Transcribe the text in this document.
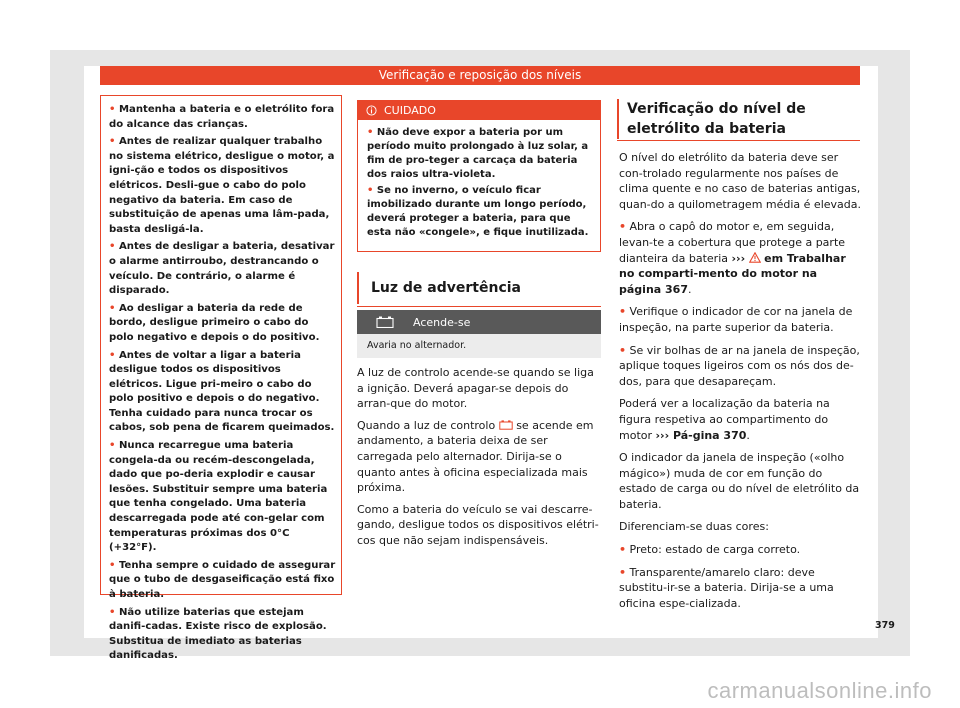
Verificação e reposição dos níveis

• Mantenha a bateria e o eletrólito fora do alcance das crianças.

• Antes de realizar qualquer trabalho no sistema elétrico, desligue o motor, a igni-ção e todos os dispositivos elétricos. Desli-gue o cabo do polo negativo da bateria. Em caso de substituição de apenas uma lâm-pada, basta desligá-la.

• Antes de desligar a bateria, desativar o alarme antirroubo, destrancando o veículo. De contrário, o alarme é disparado.

• Ao desligar a bateria da rede de bordo, desligue primeiro o cabo do polo negativo e depois o do positivo.

• Antes de voltar a ligar a bateria desligue todos os dispositivos elétricos. Ligue pri-meiro o cabo do polo positivo e depois o do negativo. Tenha cuidado para nunca trocar os cabos, sob pena de ficarem queimados.

• Nunca recarregue uma bateria congela-da ou recém-descongelada, dado que po-deria explodir e causar lesões. Substituir sempre uma bateria que tenha congelado. Uma bateria descarregada pode até con-gelar com temperaturas próximas dos 0°C (+32°F).

• Tenha sempre o cuidado de assegurar que o tubo de desgaseificação está fixo à bateria.

• Não utilize baterias que estejam danifi-cadas. Existe risco de explosão. Substitua de imediato as baterias danificadas.

CUIDADO

• Não deve expor a bateria por um período muito prolongado à luz solar, a fim de pro-teger a carcaça da bateria dos raios ultra-violeta.

• Se no inverno, o veículo ficar imobilizado durante um longo período, deverá proteger a bateria, para que esta não «congele», e fique inutilizada.

Luz de advertência
Acende-se
Avaria no alternador.

A luz de controlo acende-se quando se liga a ignição. Deverá apagar-se depois do arran-que do motor.

Quando a luz de controlo se acende em andamento, a bateria deixa de ser carregada pelo alternador. Dirija-se o quanto antes à oficina especializada mais próxima.

Como a bateria do veículo se vai descarre-gando, desligue todos os dispositivos elétri-cos que não sejam indispensáveis.

Verificação do nível de eletrólito da bateria

O nível do eletrólito da bateria deve ser con-trolado regularmente nos países de clima quente e no caso de baterias antigas, quan-do a quilometragem média é elevada.

• Abra o capô do motor e, em seguida, levan-te a cobertura que protege a parte dianteira da bateria ››› em Trabalhar no comparti-mento do motor na página 367.

• Verifique o indicador de cor na janela de inspeção, na parte superior da bateria.

• Se vir bolhas de ar na janela de inspeção, aplique toques ligeiros com os nós dos de-dos, para que desapareçam.

Poderá ver a localização da bateria na figura respetiva ao compartimento do motor ››› Pá-gina 370.

O indicador da janela de inspeção («olho mágico») muda de cor em função do estado de carga ou do nível de eletrólito da bateria.

Diferenciam-se duas cores:

• Preto: estado de carga correto.

• Transparente/amarelo claro: deve substitu-ir-se a bateria. Dirija-se a uma oficina espe-cializada.

379
carmanualsonline.info
